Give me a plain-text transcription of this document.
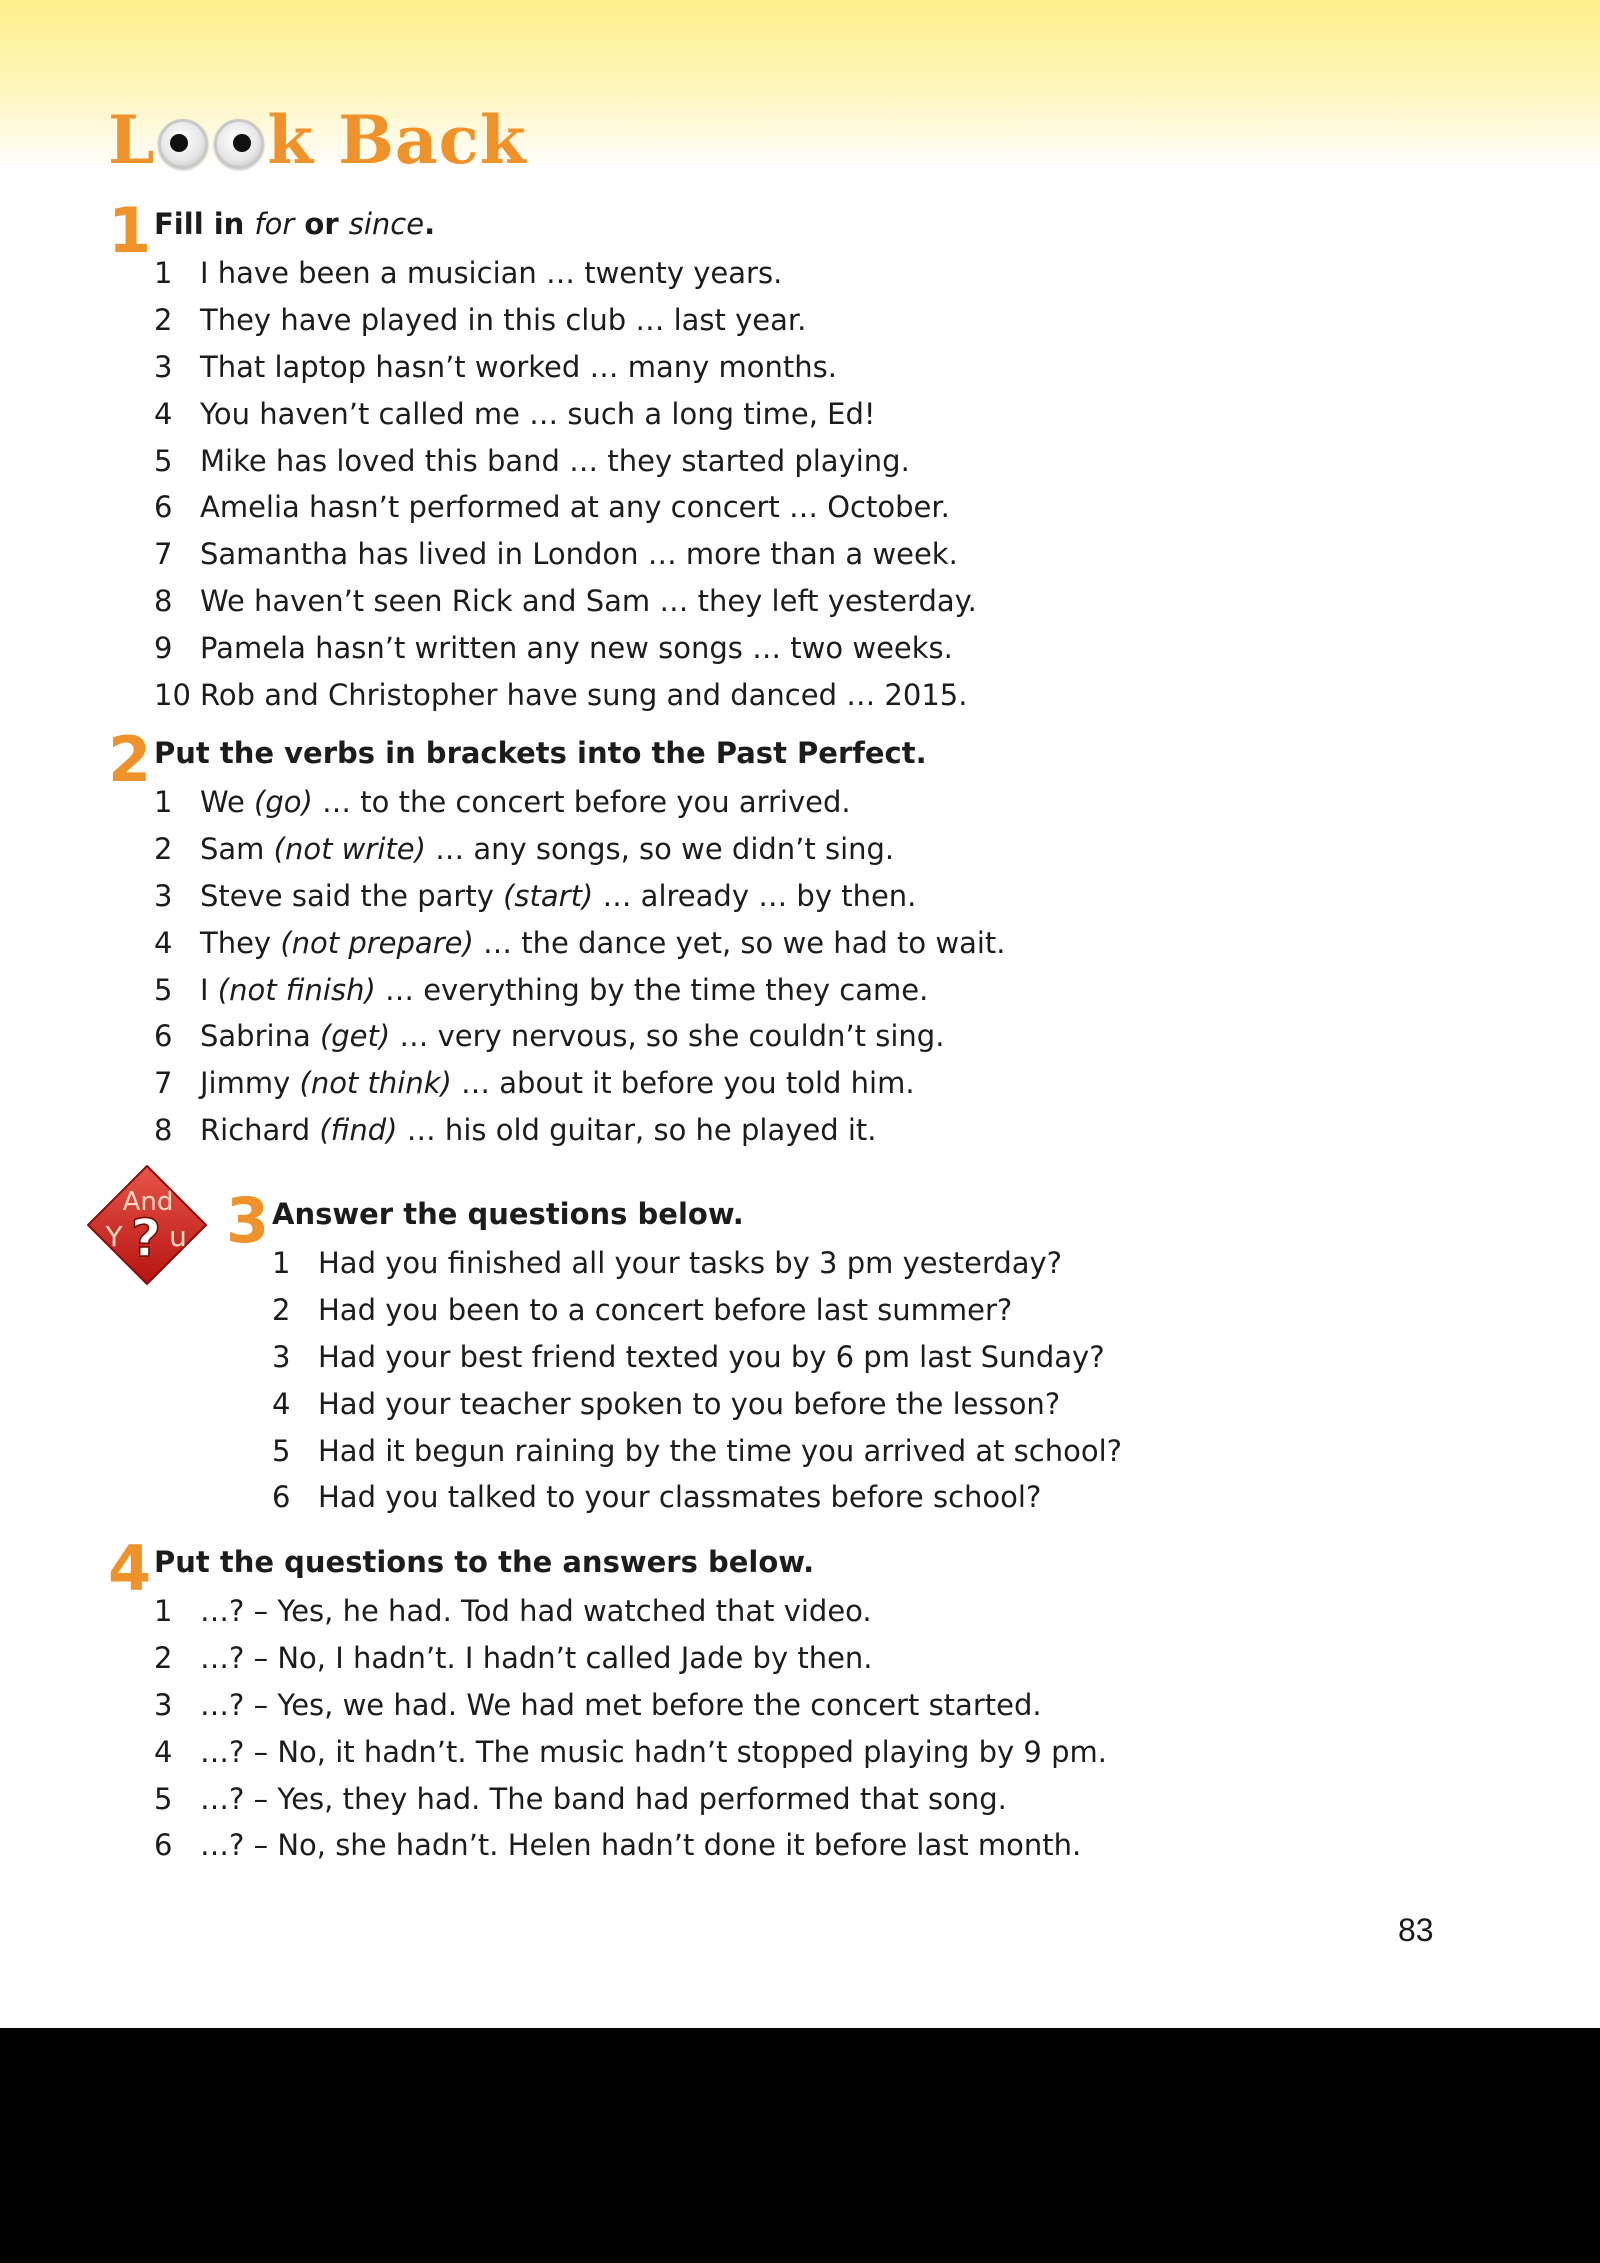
L k Back
1 Fill in for or since.
1 I have been a musician … twenty years.
2 They have played in this club … last year.
3 That laptop hasn’t worked … many months.
4 You haven’t called me … such a long time, Ed!
5 Mike has loved this band … they started playing.
6 Amelia hasn’t performed at any concert … October.
7 Samantha has lived in London … more than a week.
8 We haven’t seen Rick and Sam … they left yesterday.
9 Pamela hasn’t written any new songs … two weeks.
10 Rob and Christopher have sung and danced … 2015.
2 Put the verbs in brackets into the Past Perfect.
1 We (go) … to the concert before you arrived.
2 Sam (not write) … any songs, so we didn’t sing.
3 Steve said the party (start) … already … by then.
4 They (not prepare) … the dance yet, so we had to wait.
5 I (not finish) … everything by the time they came.
6 Sabrina (get) … very nervous, so she couldn’t sing.
7 Jimmy (not think) … about it before you told him.
8 Richard (find) … his old guitar, so he played it.
And
Y ? u 3 Answer the questions below.
1 Had you finished all your tasks by 3 pm yesterday?
2 Had you been to a concert before last summer?
3 Had your best friend texted you by 6 pm last Sunday?
4 Had your teacher spoken to you before the lesson?
5 Had it begun raining by the time you arrived at school?
6 Had you talked to your classmates before school?
4 Put the questions to the answers below.
1 …? – Yes, he had. Tod had watched that video.
2 …? – No, I hadn’t. I hadn’t called Jade by then.
3 …? – Yes, we had. We had met before the concert started.
4 …? – No, it hadn’t. The music hadn’t stopped playing by 9 pm.
5 …? – Yes, they had. The band had performed that song.
6 …? – No, she hadn’t. Helen hadn’t done it before last month.
83
